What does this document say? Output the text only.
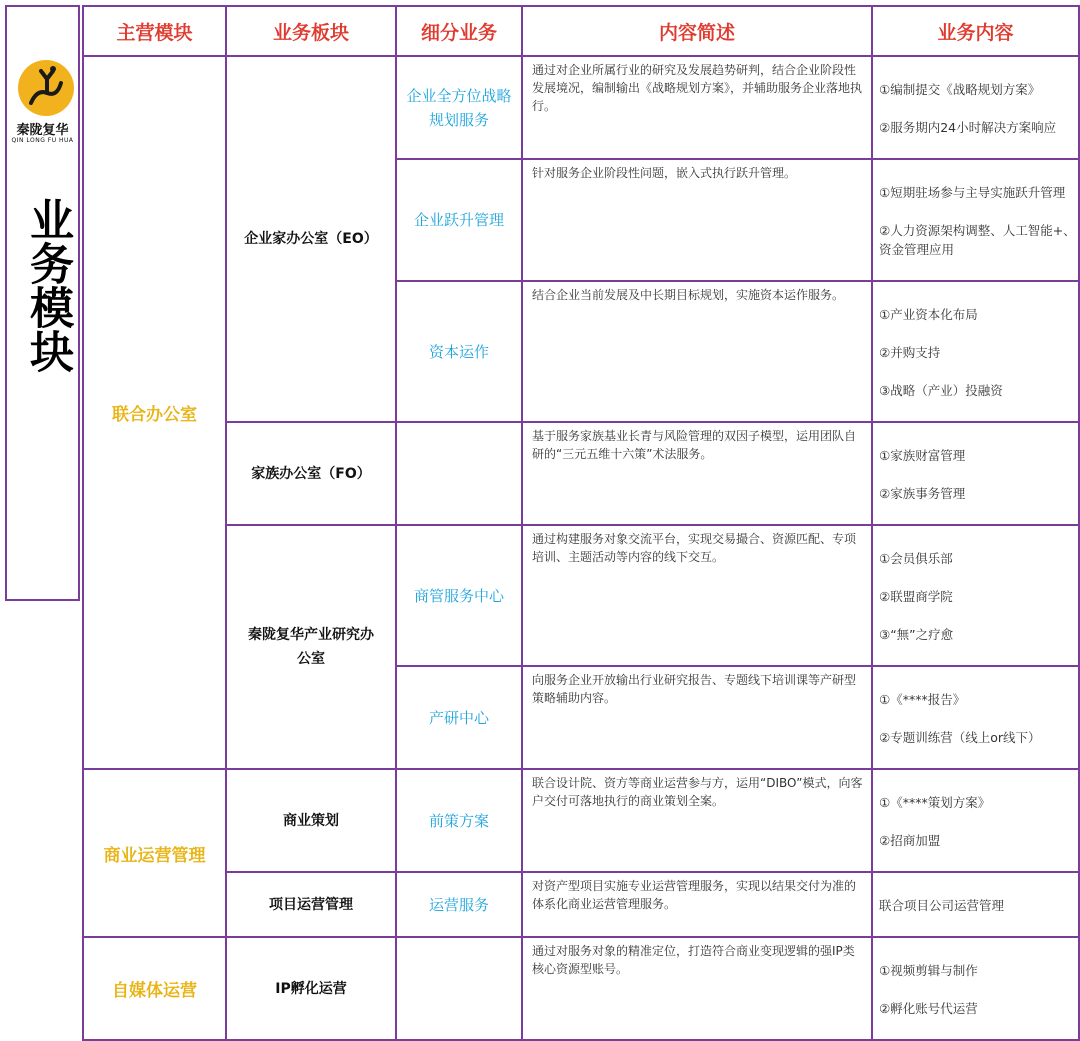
秦陇复华
QIN LONG FU HUA
业务模块
主营模块	业务板块	细分业务	内容简述	业务内容
联合办公室	企业家办公室（EO）	企业全方位战略规划服务	通过对企业所属行业的研究及发展趋势研判，结合企业阶段性发展境况，编制输出《战略规划方案》，并辅助服务企业落地执行。	①编制提交《战略规划方案》

②服务期内24小时解决方案响应

		企业跃升管理	针对服务企业阶段性问题，嵌入式执行跃升管理。	①短期驻场参与主导实施跃升管理

②人力资源架构调整、人工智能+、资金管理应用

		资本运作	结合企业当前发展及中长期目标规划，实施资本运作服务。	①产业资本化布局

②并购支持

③战略（产业）投融资

	家族办公室（FO）		基于服务家族基业长青与风险管理的双因子模型，运用团队自研的“三元五维十六策”术法服务。	①家族财富管理

②家族事务管理

	秦陇复华产业研究办公室	商管服务中心	通过构建服务对象交流平台，实现交易撮合、资源匹配、专项培训、主题活动等内容的线下交互。	①会员俱乐部

②联盟商学院

③“無”之疗愈

		产研中心	向服务企业开放输出行业研究报告、专题线下培训课等产研型策略辅助内容。	①《****报告》

②专题训练营（线上or线下）

商业运营管理	商业策划	前策方案	联合设计院、资方等商业运营参与方，运用“DIBO”模式，向客户交付可落地执行的商业策划全案。	①《****策划方案》

②招商加盟

	项目运营管理	运营服务	对资产型项目实施专业运营管理服务，实现以结果交付为准的体系化商业运营管理服务。	联合项目公司运营管理

自媒体运营	IP孵化运营		通过对服务对象的精准定位，打造符合商业变现逻辑的强IP类核心资源型账号。	①视频剪辑与制作

②孵化账号代运营
